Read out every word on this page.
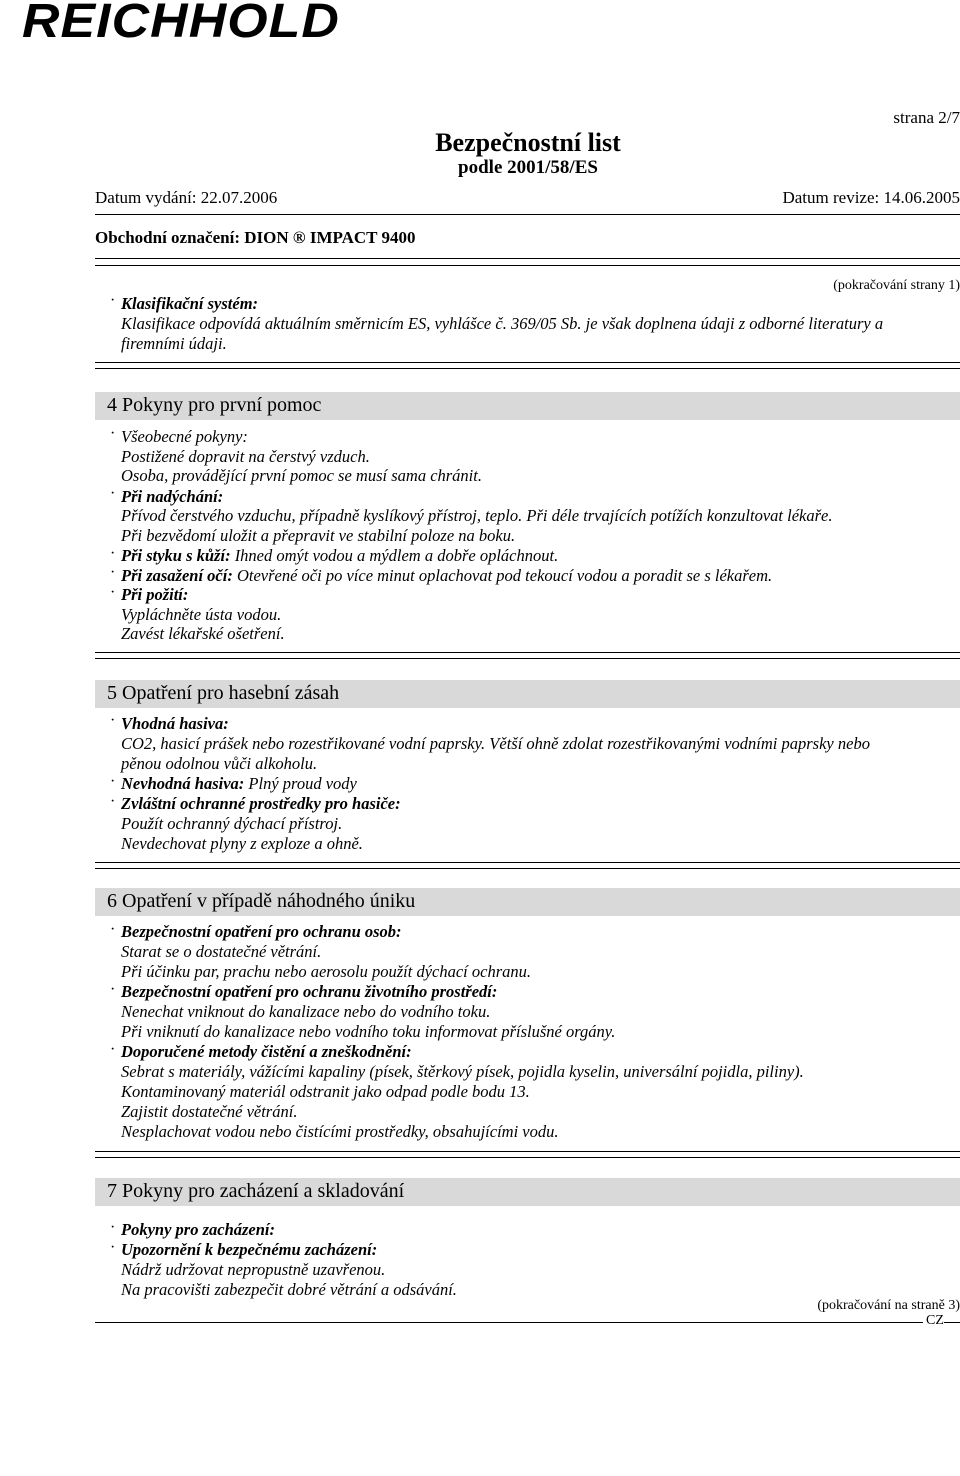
REICHHOLD
strana 2/7
Bezpečnostní list
podle 2001/58/ES
Datum vydání: 22.07.2006	Datum revize: 14.06.2005
Obchodní označení: DION ® IMPACT 9400
(pokračování strany 1)
· Klasifikační systém:
Klasifikace odpovídá aktuálním směrnicím ES, vyhlášce č. 369/05 Sb. je však doplnena údaji z odborné literatury a
firemními údaji.
4 Pokyny pro první pomoc
· Všeobecné pokyny:
Postižené dopravit na čerstvý vzduch.
Osoba, provádějící první pomoc se musí sama chránit.
· Při nadýchání:
Přívod čerstvého vzduchu, případně kyslíkový přístroj, teplo. Při déle trvajících potížích konzultovat lékaře.
Při bezvědomí uložit a přepravit ve stabilní poloze na boku.
· Při styku s kůží: Ihned omýt vodou a mýdlem a dobře opláchnout.
· Při zasažení očí: Otevřené oči po více minut oplachovat pod tekoucí vodou a poradit se s lékařem.
· Při požití:
Vypláchněte ústa vodou.
Zavést lékařské ošetření.
5 Opatření pro hasební zásah
· Vhodná hasiva:
CO2, hasicí prášek nebo rozestřikované vodní paprsky. Větší ohně zdolat rozestřikovanými vodními paprsky nebo
pěnou odolnou vůči alkoholu.
· Nevhodná hasiva: Plný proud vody
· Zvláštní ochranné prostředky pro hasiče:
Použít ochranný dýchací přístroj.
Nevdechovat plyny z exploze a ohně.
6 Opatření v případě náhodného úniku
· Bezpečnostní opatření pro ochranu osob:
Starat se o dostatečné větrání.
Při účinku par, prachu nebo aerosolu použít dýchací ochranu.
· Bezpečnostní opatření pro ochranu životního prostředí:
Nenechat vniknout do kanalizace nebo do vodního toku.
Při vniknutí do kanalizace nebo vodního toku informovat příslušné orgány.
· Doporučené metody čistění a zneškodnění:
Sebrat s materiály, vážícími kapaliny (písek, štěrkový písek, pojidla kyselin, universální pojidla, piliny).
Kontaminovaný materiál odstranit jako odpad podle bodu 13.
Zajistit dostatečné větrání.
Nesplachovat vodou nebo čistícími prostředky, obsahujícími vodu.
7 Pokyny pro zacházení a skladování
· Pokyny pro zacházení:
· Upozornění k bezpečnému zacházení:
Nádrž udržovat nepropustně uzavřenou.
Na pracovišti zabezpečit dobré větrání a odsávání.
(pokračování na straně 3)
CZ
